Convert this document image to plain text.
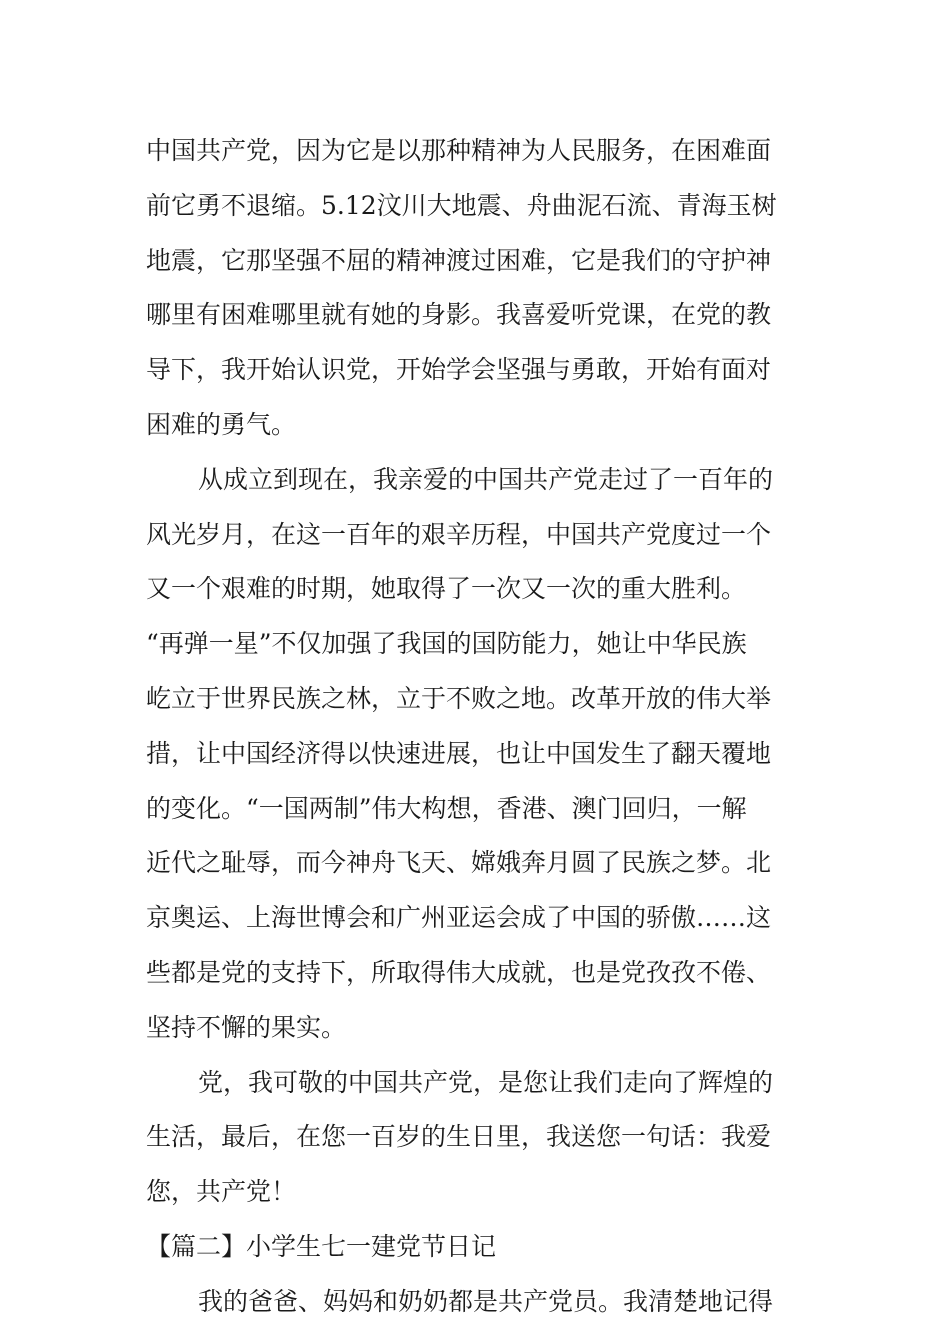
中国共产党，因为它是以那种精神为人民服务，在困难面
前它勇不退缩。5.12汶川大地震、舟曲泥石流、青海玉树
地震，它那坚强不屈的精神渡过困难，它是我们的守护神
哪里有困难哪里就有她的身影。我喜爱听党课，在党的教
导下，我开始认识党，开始学会坚强与勇敢，开始有面对
困难的勇气。
从成立到现在，我亲爱的中国共产党走过了一百年的
风光岁月，在这一百年的艰辛历程，中国共产党度过一个
又一个艰难的时期，她取得了一次又一次的重大胜利。
“再弹一星”不仅加强了我国的国防能力，她让中华民族
屹立于世界民族之林，立于不败之地。改革开放的伟大举
措，让中国经济得以快速进展，也让中国发生了翻天覆地
的变化。“一国两制”伟大构想，香港、澳门回归，一解
近代之耻辱，而今神舟飞天、嫦娥奔月圆了民族之梦。北
京奥运、上海世博会和广州亚运会成了中国的骄傲……这
些都是党的支持下，所取得伟大成就，也是党孜孜不倦、
坚持不懈的果实。
党，我可敬的中国共产党，是您让我们走向了辉煌的
生活，最后，在您一百岁的生日里，我送您一句话：我爱
您，共产党！
【篇二】小学生七一建党节日记
我的爸爸、妈妈和奶奶都是共产党员。我清楚地记得
